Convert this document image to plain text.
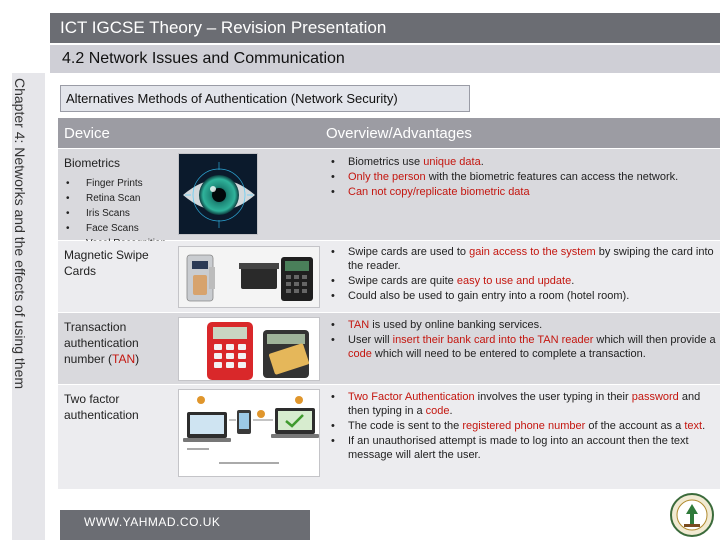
ICT IGCSE Theory – Revision Presentation
4.2 Network Issues and Communication
Chapter 4: Networks and the effects of using them	Alternatives Methods of Authentication (Network Security)
Device	Overview/Advantages
Biometrics
• Finger Prints
• Retina Scan
• Iris Scans
• Face Scans
•
• Biometrics use unique data.
• Only the person with the biometric features can access the network.
• Can not copy/replicate biometric data
Magnetic Swipe Cards
• Swipe cards are used to gain access to the system by swiping the card into the reader.
• Swipe cards are quite easy to use and update.
• Could also be used to gain entry into a room (hotel room).
Transaction authentication number (TAN)
• TAN is used by online banking services.
• User will insert their bank card into the TAN reader which will then provide a code which will need to be entered to complete a transaction.
Two factor authentication
• Two Factor Authentication involves the user typing in their password and then typing in a code.
• The code is sent to the registered phone number of the account as a text.
• If an unauthorised attempt is made to log into an account then the text message will alert the user.
WWW.YAHMAD.CO.UK
